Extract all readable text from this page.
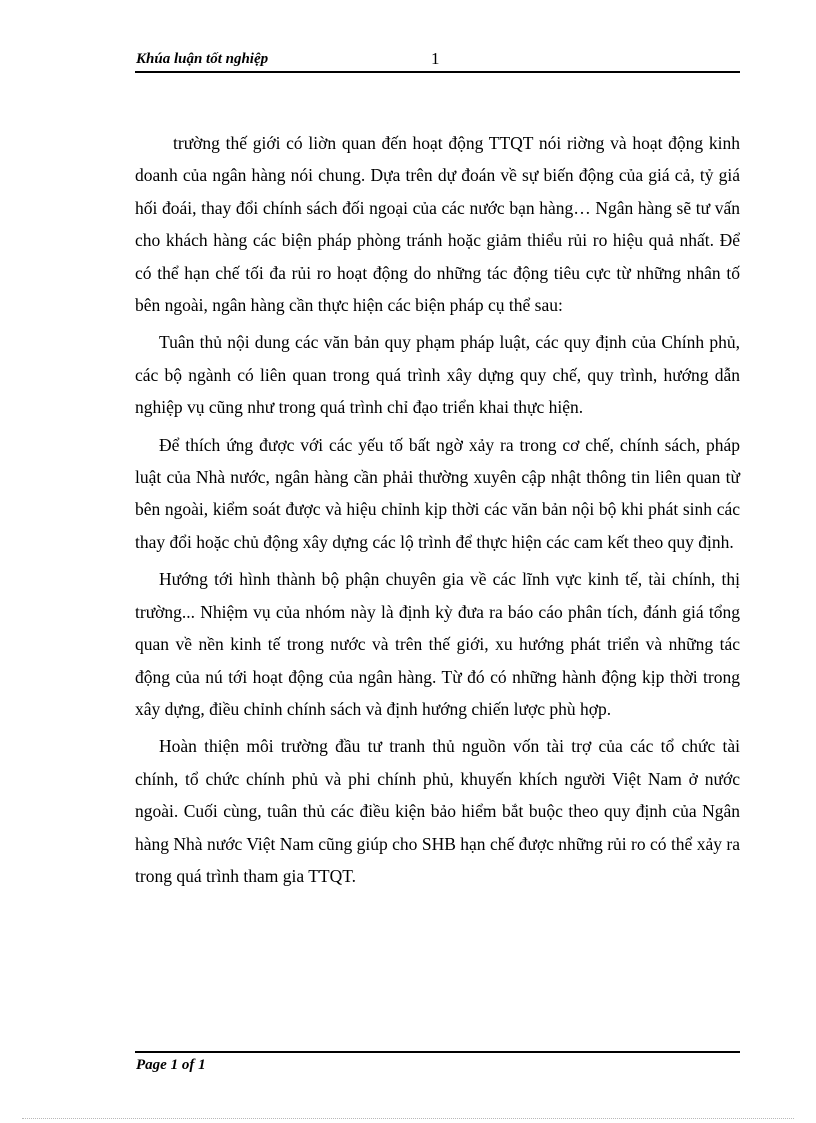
Khúa luận tốt nghiệp	1

trường thế giới có liờn quan đến hoạt động TTQT nói riờng và hoạt động kinh doanh của ngân hàng nói chung. Dựa trên dự đoán về sự biến động của giá cả, tỷ giá hối đoái, thay đổi chính sách đối ngoại của các nước bạn hàng… Ngân hàng sẽ tư vấn cho khách hàng các biện pháp phòng tránh hoặc giảm thiểu rủi ro hiệu quả nhất. Để có thể hạn chế tối đa rủi ro hoạt động do những tác động tiêu cực từ những nhân tố bên ngoài, ngân hàng cần thực hiện các biện pháp cụ thể sau:

Tuân thủ nội dung các văn bản quy phạm pháp luật, các quy định của Chính phủ, các bộ ngành có liên quan trong quá trình xây dựng quy chế, quy trình, hướng dẫn nghiệp vụ cũng như trong quá trình chỉ đạo triển khai thực hiện.

Để thích ứng được với các yếu tố bất ngờ xảy ra trong cơ chế, chính sách, pháp luật của Nhà nước, ngân hàng cần phải thường xuyên cập nhật thông tin liên quan từ bên ngoài, kiểm soát được và hiệu chỉnh kịp thời các văn bản nội bộ khi phát sinh các thay đổi hoặc chủ động xây dựng các lộ trình để thực hiện các cam kết theo quy định.

Hướng tới hình thành bộ phận chuyên gia về các lĩnh vực kinh tế, tài chính, thị trường... Nhiệm vụ của nhóm này là định kỳ đưa ra báo cáo phân tích, đánh giá tổng quan về nền kinh tế trong nước và trên thế giới, xu hướng phát triển và những tác động của nú tới hoạt động của ngân hàng. Từ đó có những hành động kịp thời trong xây dựng, điều chỉnh chính sách và định hướng chiến lược phù hợp.

Hoàn thiện môi trường đầu tư tranh thủ nguồn vốn tài trợ của các tổ chức tài chính, tổ chức chính phủ và phi chính phủ, khuyến khích người Việt Nam ở nước ngoài. Cuối cùng, tuân thủ các điều kiện bảo hiểm bắt buộc theo quy định của Ngân hàng Nhà nước Việt Nam cũng giúp cho SHB hạn chế được những rủi ro có thể xảy ra trong quá trình tham gia TTQT.

Page 1 of 1
